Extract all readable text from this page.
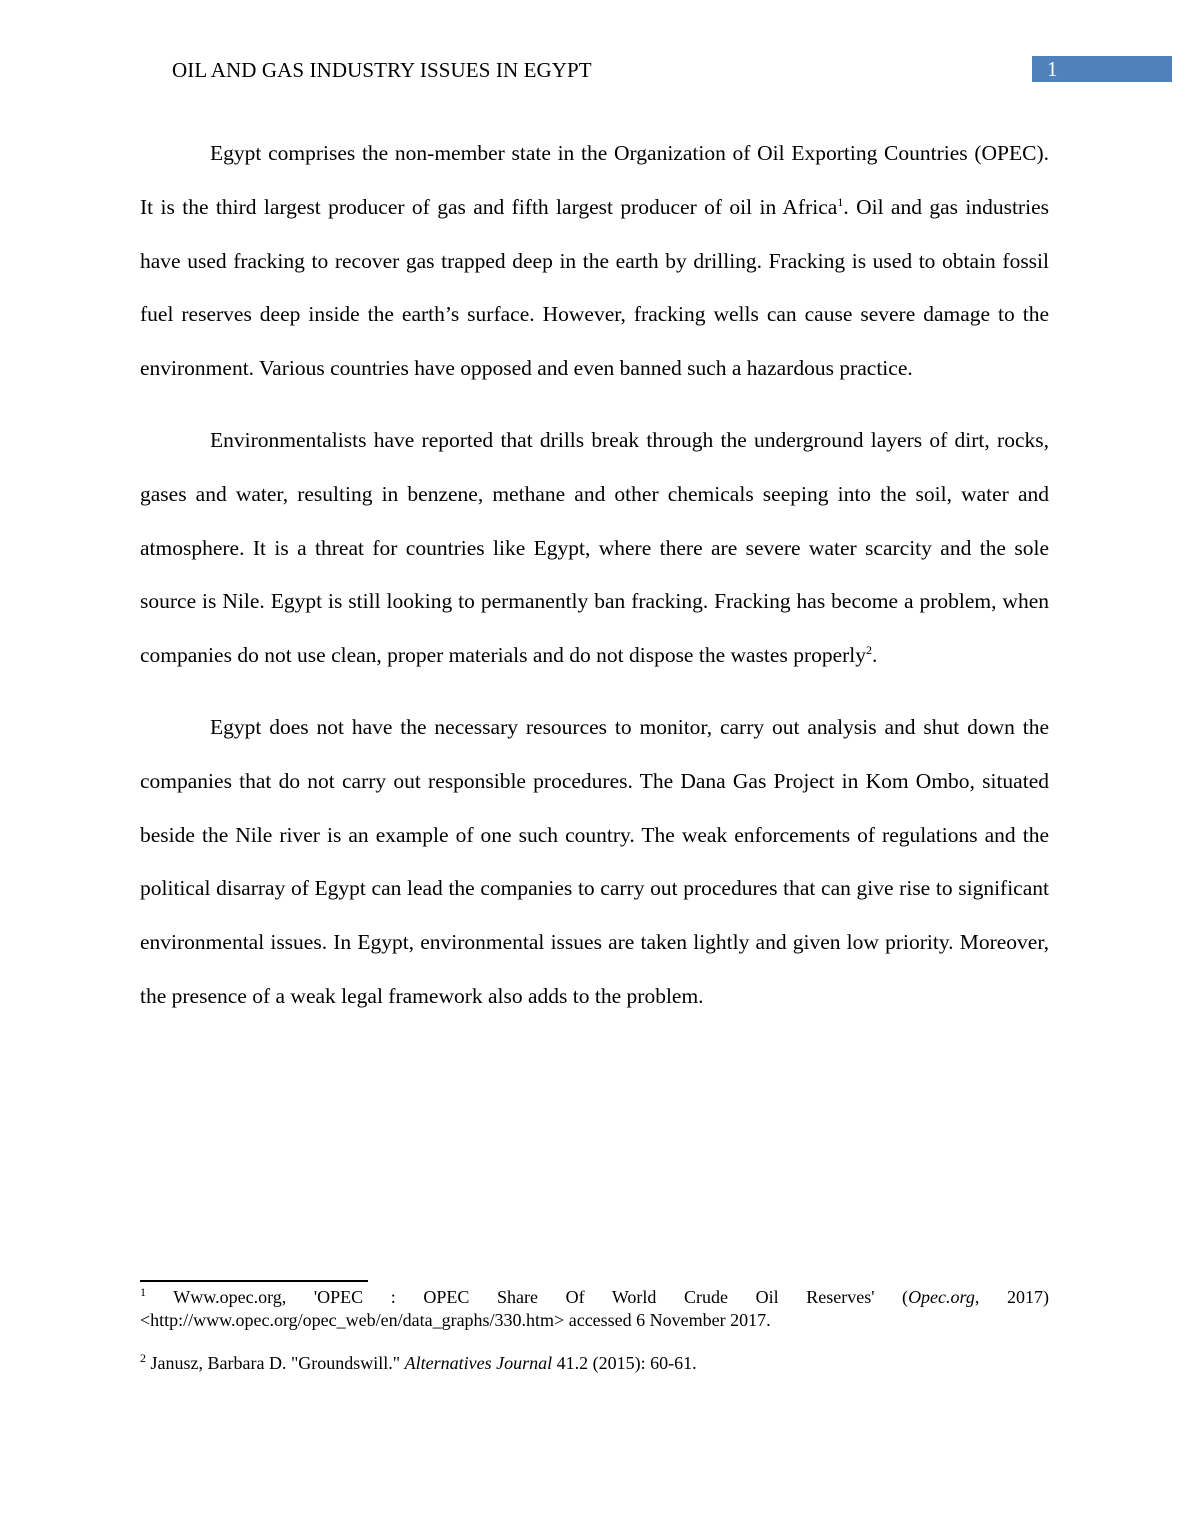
OIL AND GAS INDUSTRY ISSUES IN EGYPT	1

Egypt comprises the non-member state in the Organization of Oil Exporting Countries (OPEC). It is the third largest producer of gas and fifth largest producer of oil in Africa$^1$. Oil and gas industries have used fracking to recover gas trapped deep in the earth by drilling. Fracking is used to obtain fossil fuel reserves deep inside the earth’s surface. However, fracking wells can cause severe damage to the environment. Various countries have opposed and even banned such a hazardous practice.

Environmentalists have reported that drills break through the underground layers of dirt, rocks, gases and water, resulting in benzene, methane and other chemicals seeping into the soil, water and atmosphere. It is a threat for countries like Egypt, where there are severe water scarcity and the sole source is Nile. Egypt is still looking to permanently ban fracking. Fracking has become a problem, when companies do not use clean, proper materials and do not dispose the wastes properly$^2$.

Egypt does not have the necessary resources to monitor, carry out analysis and shut down the companies that do not carry out responsible procedures. The Dana Gas Project in Kom Ombo, situated beside the Nile river is an example of one such country. The weak enforcements of regulations and the political disarray of Egypt can lead the companies to carry out procedures that can give rise to significant environmental issues. In Egypt, environmental issues are taken lightly and given low priority. Moreover, the presence of a weak legal framework also adds to the problem.

$^1$ Www.opec.org, 'OPEC : OPEC Share Of World Crude Oil Reserves' (Opec.org, 2017) <http://www.opec.org/opec_web/en/data_graphs/330.htm> accessed 6 November 2017.

$^2$ Janusz, Barbara D. "Groundswill." Alternatives Journal 41.2 (2015): 60-61.
